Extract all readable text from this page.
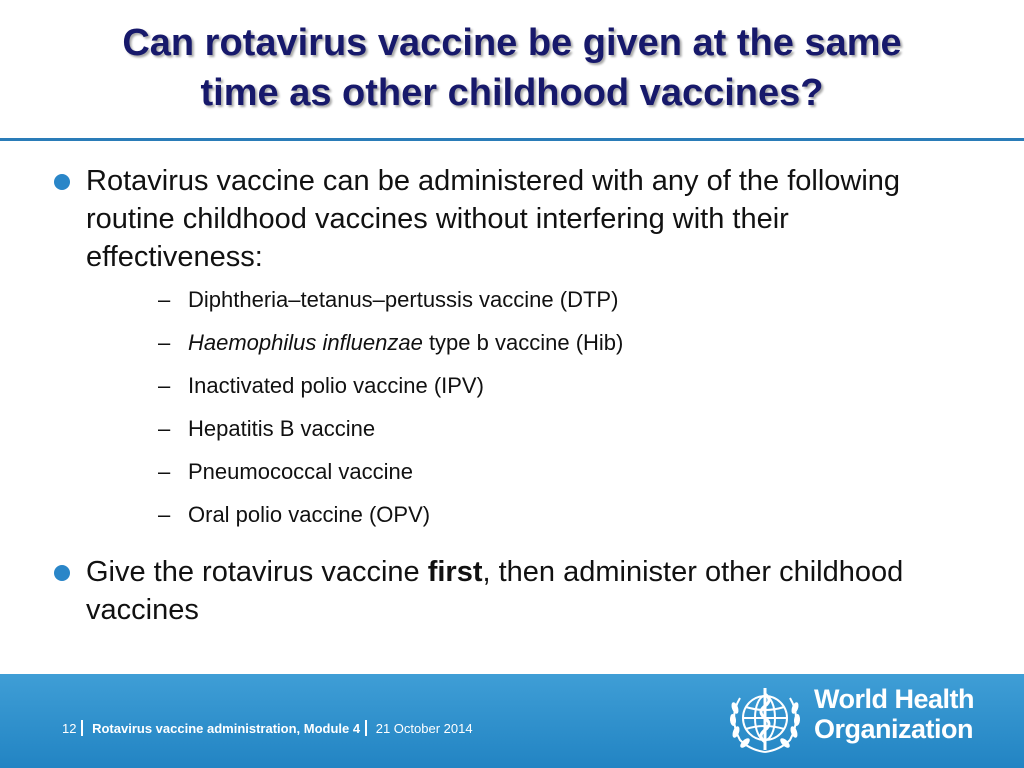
Can rotavirus vaccine be given at the same
time as other childhood vaccines?
Rotavirus vaccine can be administered with any of the following routine childhood vaccines without interfering with their effectiveness:
– Diphtheria–tetanus–pertussis vaccine (DTP)
– Haemophilus influenzae type b vaccine (Hib)
– Inactivated polio vaccine (IPV)
– Hepatitis B vaccine
– Pneumococcal vaccine
– Oral polio vaccine (OPV)
Give the rotavirus vaccine first, then administer other childhood vaccines
12 Rotavirus vaccine administration, Module 4 21 October 2014
World Health
Organization
